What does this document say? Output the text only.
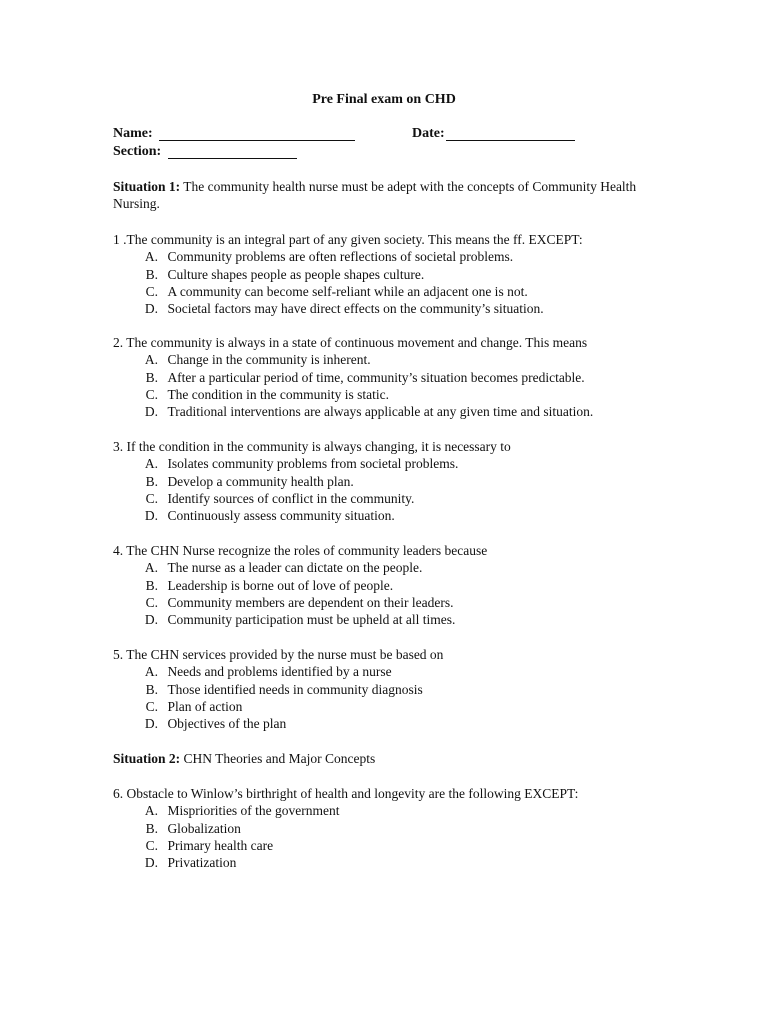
Pre Final exam on CHD
Name:	Date:
Section:
Situation 1: The community health nurse must be adept with the concepts of Community Health Nursing.
1 .The community is an integral part of any given society. This means the ff. EXCEPT:
A. Community problems are often reflections of societal problems.
B. Culture shapes people as people shapes culture.
C. A community can become self-reliant while an adjacent one is not.
D. Societal factors may have direct effects on the community’s situation.
2. The community is always in a state of continuous movement and change. This means
A. Change in the community is inherent.
B. After a particular period of time, community’s situation becomes predictable.
C. The condition in the community is static.
D. Traditional interventions are always applicable at any given time and situation.
3. If the condition in the community is always changing, it is necessary to
A. Isolates community problems from societal problems.
B. Develop a community health plan.
C. Identify sources of conflict in the community.
D. Continuously assess community situation.
4. The CHN Nurse recognize the roles of community leaders because
A. The nurse as a leader can dictate on the people.
B. Leadership is borne out of love of people.
C. Community members are dependent on their leaders.
D. Community participation must be upheld at all times.
5. The CHN services provided by the nurse must be based on
A. Needs and problems identified by a nurse
B. Those identified needs in community diagnosis
C. Plan of action
D. Objectives of the plan
Situation 2: CHN Theories and Major Concepts
6. Obstacle to Winlow’s birthright of health and longevity are the following EXCEPT:
A. Mispriorities of the government
B. Globalization
C. Primary health care
D. Privatization
